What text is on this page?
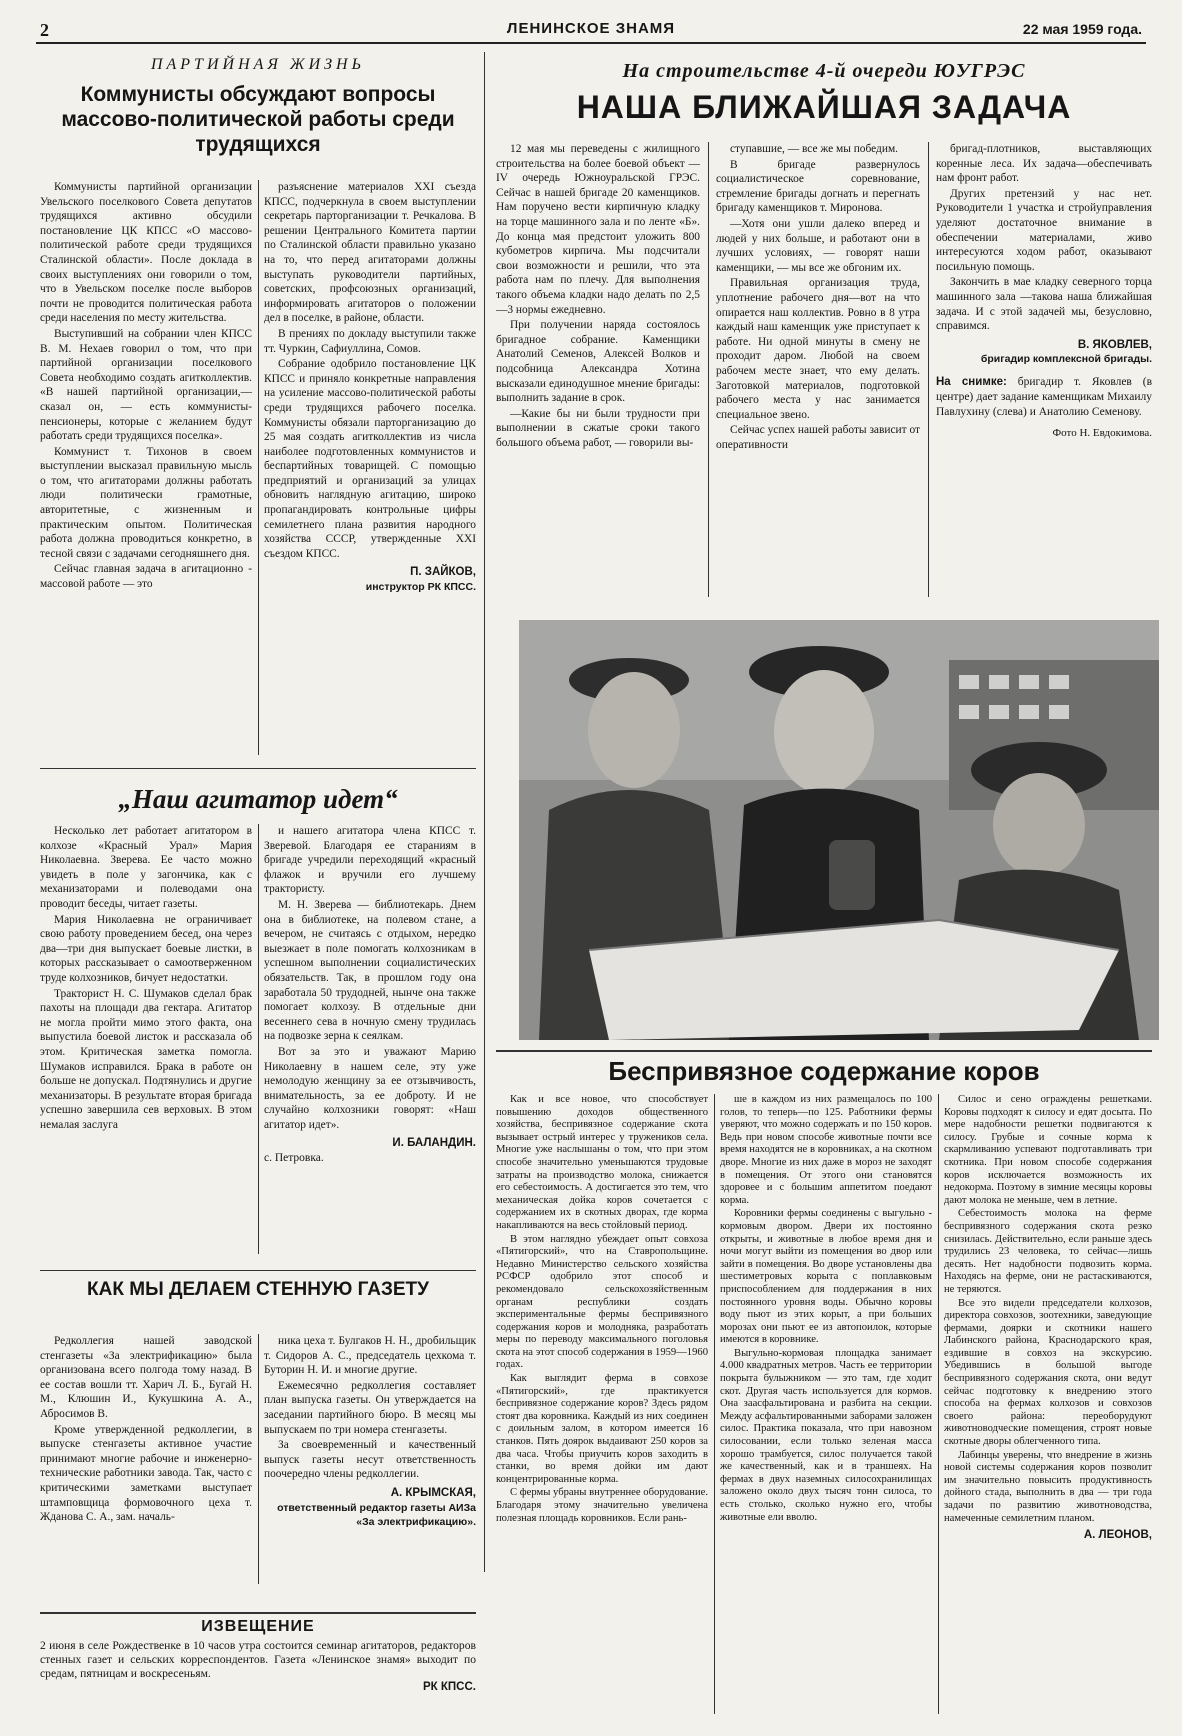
2	ЛЕНИНСКОЕ ЗНАМЯ	22 мая 1959 года.
ПАРТИЙНАЯ ЖИЗНЬ
Коммунисты обсуждают вопросы массово-политической работы среди трудящихся

Коммунисты партийной организации Увельского поселкового Совета депутатов трудящихся активно обсудили постановление ЦК КПСС «О массово-политической работе среди трудящихся Сталинской области». После доклада в своих выступлениях они говорили о том, что в Увельском поселке после выборов почти не проводится политическая работа среди населения по месту жительства.

Выступивший на собрании член КПСС В. М. Нехаев говорил о том, что при партийной организации поселкового Совета необходимо создать агитколлектив. «В нашей партийной организации,— сказал он, — есть коммунисты-пенсионеры, которые с желанием будут работать среди трудящихся поселка».

Коммунист т. Тихонов в своем выступлении высказал правильную мысль о том, что агитаторами должны работать люди политически грамотные, авторитетные, с жизненным и практическим опытом. Политическая работа должна проводиться конкретно, в тесной связи с задачами сегодняшнего дня.

Сейчас главная задача в агитационно - массовой работе — это

разъяснение материалов XXI съезда КПСС, подчеркнула в своем выступлении секретарь парторганизации т. Речкалова. В решении Центрального Комитета партии по Сталинской области правильно указано на то, что перед агитаторами должны выступать руководители партийных, советских, профсоюзных организаций, информировать агитаторов о положении дел в поселке, в районе, области.

В прениях по докладу выступили также тт. Чуркин, Сафиуллина, Сомов.

Собрание одобрило постановление ЦК КПСС и приняло конкретные направления на усиление массово-политической работы среди трудящихся рабочего поселка. Коммунисты обязали парторганизацию до 25 мая создать агитколлектив из числа наиболее подготовленных коммунистов и беспартийных товарищей. С помощью предприятий и организаций за улицах обновить наглядную агитацию, широко пропагандировать контрольные цифры семилетнего плана развития народного хозяйства СССР, утвержденные XXI съездом КПСС.

П. ЗАЙКОВ,
инструктор РК КПСС.
„Наш агитатор идет“

Несколько лет работает агитатором в колхозе «Красный Урал» Мария Николаевна. Зверева. Ее часто можно увидеть в поле у загончика, как с механизаторами и полеводами она проводит беседы, читает газеты.

Мария Николаевна не ограничивает свою работу проведением бесед, она через два—три дня выпускает боевые листки, в которых рассказывает о самоотверженном труде колхозников, бичует недостатки.

Тракторист Н. С. Шумаков сделал брак пахоты на площади два гектара. Агитатор не могла пройти мимо этого факта, она выпустила боевой листок и рассказала об этом. Критическая заметка помогла. Шумаков исправился. Брака в работе он больше не допускал. Подтянулись и другие механизаторы. В результате вторая бригада успешно завершила сев верховых. В этом немалая заслуга

и нашего агитатора члена КПСС т. Зверевой. Благодаря ее стараниям в бригаде учредили переходящий «красный флажок и вручили его лучшему трактористу.

М. Н. Зверева — библиотекарь. Днем она в библиотеке, на полевом стане, а вечером, не считаясь с отдыхом, нередко выезжает в поле помогать колхозникам в успешном выполнении социалистических обязательств. Так, в прошлом году она заработала 50 трудодней, нынче она также помогает колхозу. В отдельные дни весеннего сева в ночную смену трудилась на подвозке зерна к сеялкам.

Вот за это и уважают Марию Николаевну в нашем селе, эту уже немолодую женщину за ее отзывчивость, внимательность, за ее доброту. И не случайно колхозники говорят: «Наш агитатор идет».

И. БАЛАНДИН.
с. Петровка.
КАК МЫ ДЕЛАЕМ СТЕННУЮ ГАЗЕТУ

Редколлегия нашей заводской стенгазеты «За электрификацию» была организована всего полгода тому назад. В ее состав вошли тт. Харич Л. Б., Бугай Н. М., Клюшин И., Кукушкина А. А., Абросимов В.

Кроме утвержденной редколлегии, в выпуске стенгазеты активное участие принимают многие рабочие и инженерно-технические работники завода. Так, часто с критическими заметками выступает штамповщица формовочного цеха т. Жданова С. А., зам. началь-

ника цеха т. Булгаков Н. Н., дробильщик т. Сидоров А. С., председатель цехкома т. Буторин Н. И. и многие другие.

Ежемесячно редколлегия составляет план выпуска газеты. Он утверждается на заседании партийного бюро. В месяц мы выпускаем по три номера стенгазеты.

За своевременный и качественный выпуск газеты несут ответственность поочередно члены редколлегии.

А. КРЫМСКАЯ,
ответственный редактор газеты АИЗа «За электрификацию».
ИЗВЕЩЕНИЕ
2 июня в селе Рождественке в 10 часов утра состоится семинар агитаторов, редакторов стенных газет и сельских корреспондентов. Газета «Ленинское знамя» выходит по средам, пятницам и воскресеньям.
РК КПСС.
На строительстве 4-й очереди ЮУГРЭС
НАША БЛИЖАЙШАЯ ЗАДАЧА

12 мая мы переведены с жилищного строительства на более боевой объект — IV очередь Южноуральской ГРЭС. Сейчас в нашей бригаде 20 каменщиков. Нам поручено вести кирпичную кладку на торце машинного зала и по ленте «Б». До конца мая предстоит уложить 800 кубометров кирпича. Мы подсчитали свои возможности и решили, что эта работа нам по плечу. Для выполнения такого объема кладки надо делать по 2,5—3 нормы ежедневно.

При получении наряда состоялось бригадное собрание. Каменщики Анатолий Семенов, Алексей Волков и подсобница Александра Хотина высказали единодушное мнение бригады: выполнить задание в срок.

—Какие бы ни были трудности при выполнении в сжатые сроки такого большого объема работ, — говорили вы-

ступавшие, — все же мы победим.

В бригаде развернулось социалистическое соревнование, стремление бригады догнать и перегнать бригаду каменщиков т. Миронова.

—Хотя они ушли далеко вперед и людей у них больше, и работают они в лучших условиях, — говорят наши каменщики, — мы все же обгоним их.

Правильная организация труда, уплотнение рабочего дня—вот на что опирается наш коллектив. Ровно в 8 утра каждый наш каменщик уже приступает к работе. Ни одной минуты в смену не проходит даром. Любой на своем рабочем месте знает, что ему делать. Заготовкой материалов, подготовкой рабочего места у нас занимается специальное звено.

Сейчас успех нашей работы зависит от оперативности

бригад-плотников, выставляющих коренные леса. Их задача—обеспечивать нам фронт работ.

Других претензий у нас нет. Руководители 1 участка и стройуправления уделяют достаточное внимание в обеспечении материалами, живо интересуются ходом работ, оказывают посильную помощь.

Закончить в мае кладку северного торца машинного зала —такова наша ближайшая задача. И с этой задачей мы, безусловно, справимся.

В. ЯКОВЛЕВ,
бригадир комплексной бригады.
На снимке: бригадир т. Яковлев (в центре) дает задание каменщикам Михаилу Павлухину (слева) и Анатолию Семенову.
Фото Н. Евдокимова.
Беспривязное содержание коров

Как и все новое, что способствует повышению доходов общественного хозяйства, беспривязное содержание скота вызывает острый интерес у тружеников села. Многие уже наслышаны о том, что при этом способе значительно уменьшаются трудовые затраты на производство молока, снижается его себестоимость. А достигается это тем, что механическая дойка коров сочетается с содержанием их в скотных дворах, где корма накапливаются на весь стойловый период.

В этом наглядно убеждает опыт совхоза «Пятигорский», что на Ставропольщине. Недавно Министерство сельского хозяйства РСФСР одобрило этот способ и рекомендовало сельскохозяйственным органам республики создать экспериментальные фермы беспривязного содержания коров и молодняка, разработать меры по переводу максимального поголовья скота на этот способ содержания в 1959—1960 годах.

Как выглядит ферма в совхозе «Пятигорский», где практикуется беспривязное содержание коров? Здесь рядом стоят два коровника. Каждый из них соединен с доильным залом, в котором имеется 16 станков. Пять доярок выдаивают 250 коров за два часа. Чтобы приучить коров заходить в станки, во время дойки им дают концентрированные корма.

С фермы убраны внутреннее оборудование. Благодаря этому значительно увеличена полезная площадь коровников. Если рань-

ше в каждом из них размещалось по 100 голов, то теперь—по 125. Работники фермы уверяют, что можно содержать и по 150 коров. Ведь при новом способе животные почти все время находятся не в коровниках, а на скотном дворе. Многие из них даже в мороз не заходят в помещения. От этого они становятся здоровее и с большим аппетитом поедают корма.

Коровники фермы соединены с выгульно - кормовым двором. Двери их постоянно открыты, и животные в любое время дня и ночи могут выйти из помещения во двор или зайти в помещения. Во дворе установлены два шестиметровых корыта с поплавковым приспособлением для поддержания в них постоянного уровня воды. Обычно коровы воду пьют из этих корыт, а при больших морозах они пьют ее из автопоилок, которые имеются в коровнике.

Выгульно-кормовая площадка занимает 4.000 квадратных метров. Часть ее территории покрыта булыжником — это там, где ходит скот. Другая часть используется для кормов. Она заасфальтирована и разбита на секции. Между асфальтированными заборами заложен силос. Практика показала, что при навозном силосовании, если только зеленая масса хорошо трамбуется, силос получается такой же качественный, как и в траншеях. На фермах в двух наземных силосохранилищах заложено около двух тысяч тонн силоса, то есть столько, сколько нужно его, чтобы животные ели вволю.

Силос и сено ограждены решетками. Коровы подходят к силосу и едят досыта. По мере надобности решетки подвигаются к силосу. Грубые и сочные корма к скармливанию успевают подготавливать три скотника. При новом способе содержания коров исключается возможность их недокорма. Поэтому в зимние месяцы коровы дают молока не меньше, чем в летние.

Себестоимость молока на ферме беспривязного содержания скота резко снизилась. Действительно, если раньше здесь трудились 23 человека, то сейчас—лишь десять. Нет надобности подвозить корма. Находясь на ферме, они не растаскиваются, не теряются.

Все это видели председатели колхозов, директора совхозов, зоотехники, заведующие фермами, доярки и скотники нашего Лабинского района, Краснодарского края, ездившие в совхоз на экскурсию. Убедившись в большой выгоде беспривязного содержания скота, они ведут сейчас подготовку к внедрению этого способа на фермах колхозов и совхозов своего района: переоборудуют животноводческие помещения, строят новые скотные дворы облегченного типа.

Лабинцы уверены, что внедрение в жизнь новой системы содержания коров позволит им значительно повысить продуктивность дойного стада, выполнить в два — три года задачи по развитию животноводства, намеченные семилетним планом.

А. ЛЕОНОВ,
